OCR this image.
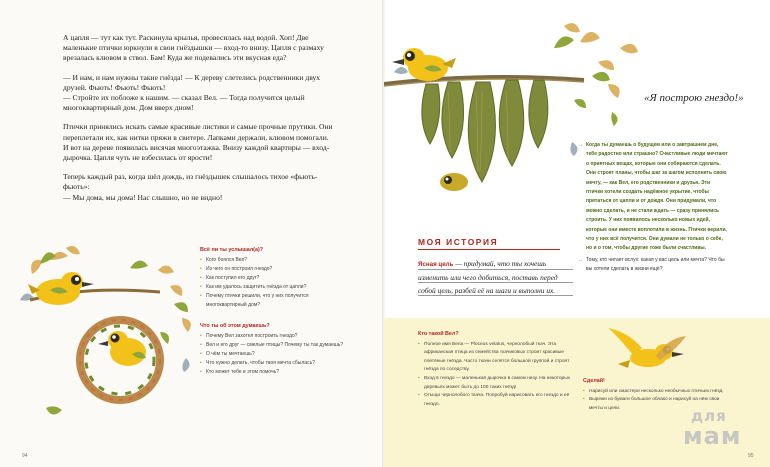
А цапля — тут как тут. Раскинула крылья, провесилась над водой. Хоп! Две маленькие птички юркнули в свои гнёздышки — вход-то внизу. Цапля с размаху врезалась клювом в ствол. Бам! Куда же подевались эти вкусная еда?

— И нам, и нам нужны такие гнёзда! — К дереву слетелись родственники двух друзей. Фьють! Фьють! Фьють!
— Стройте их побложе к нашим. — сказал Вел. — Тогда получится целый многоквартирный дом. Дом вверх дном!

Птички принялись искать самые красивые листики и самые прочные прутики. Они переплетали их, как нитки пряжи в свитере. Лапками держали, клювом помогали. И вот на дереве появилась висячая многоэтажка. Внизу каждой квартиры — вход-дырочка. Цапля чуть не взбесилась от ярости!

Теперь каждый раз, когда шёл дождь, из гнёздышек слышалось тихое «фьють-фьють»:
— Мы дома, мы дома! Нас слышно, но не видно!

Всё ли ты услышал(а)?
• Кого боялся Вел?
• Из чего он построил гнездо?
• Как поступил его друг?
• Как им удалось защитить гнёзда от цапли?
• Почему птички решили, что у них получится многоквартирный дом?
Что ты об этом думаешь?
• Почему Вел захотел построить гнездо?
• Вел и его друг — смелые птицы? Почему ты так думаешь?
• О чём ты мечтаешь?
• Что нужно делать, чтобы твоя мечта сбылась?
• Кто может тебе в этом помочь?
94
«Я построю гнездо!»
→ Когда ты думаешь о будущем или о завтрашнем дне, тебе радостно или страшно? Счастливые люди мечтают о приятных вещах, которые они собираются сделать. Они строят планы, чтобы шаг за шагом исполнять свою мечту, — как Вел, его родственники и друзья. Эти птички хотели создать надёжное укрытие, чтобы прятаться от цапли и от дождя. Они придумали, что можно сделать, и не стали ждать — сразу принялись строить. У них появилось несколько новых идей, которые они вместе воплотили в жизнь. Птички верили, что у них всё получится. Они думали не только о себе, но и о том, чтобы другие тоже были счастливы.
→ Тому, кто читает вслух: какая у вас цель или мечта? Что бы вы хотели сделать в жизни ещё?
МОЯ ИСТОРИЯ
Ясная цель — придумай, что ты хочешь изменить или чего добиться, поставь перед собой цель, разбей её на шаги и выполни их.
Кто такой Вел?
• Полное имя Вела — Ploceus velatus, чернолобый ткач. Эта африканская птица из семейства ткачиковых строит красивые плетёные гнёзда. Часто ткачи селятся большой группой и строят гнёзда по соседству.
• Вход в гнездо — маленькая дырочка в самом низу. На некоторых деревьях может быть до 100 таких гнёзд!
• Отыщи чернолобого ткача. Попробуй нарисовать его гнездо и её гнездо.
Сделай!
• Нарисуй или смастери несколько необычных птичьих гнёзд.
• Вырежи из бумаги большое облако и нарисуй на нём свои мечты и цели.
95
для
мам
